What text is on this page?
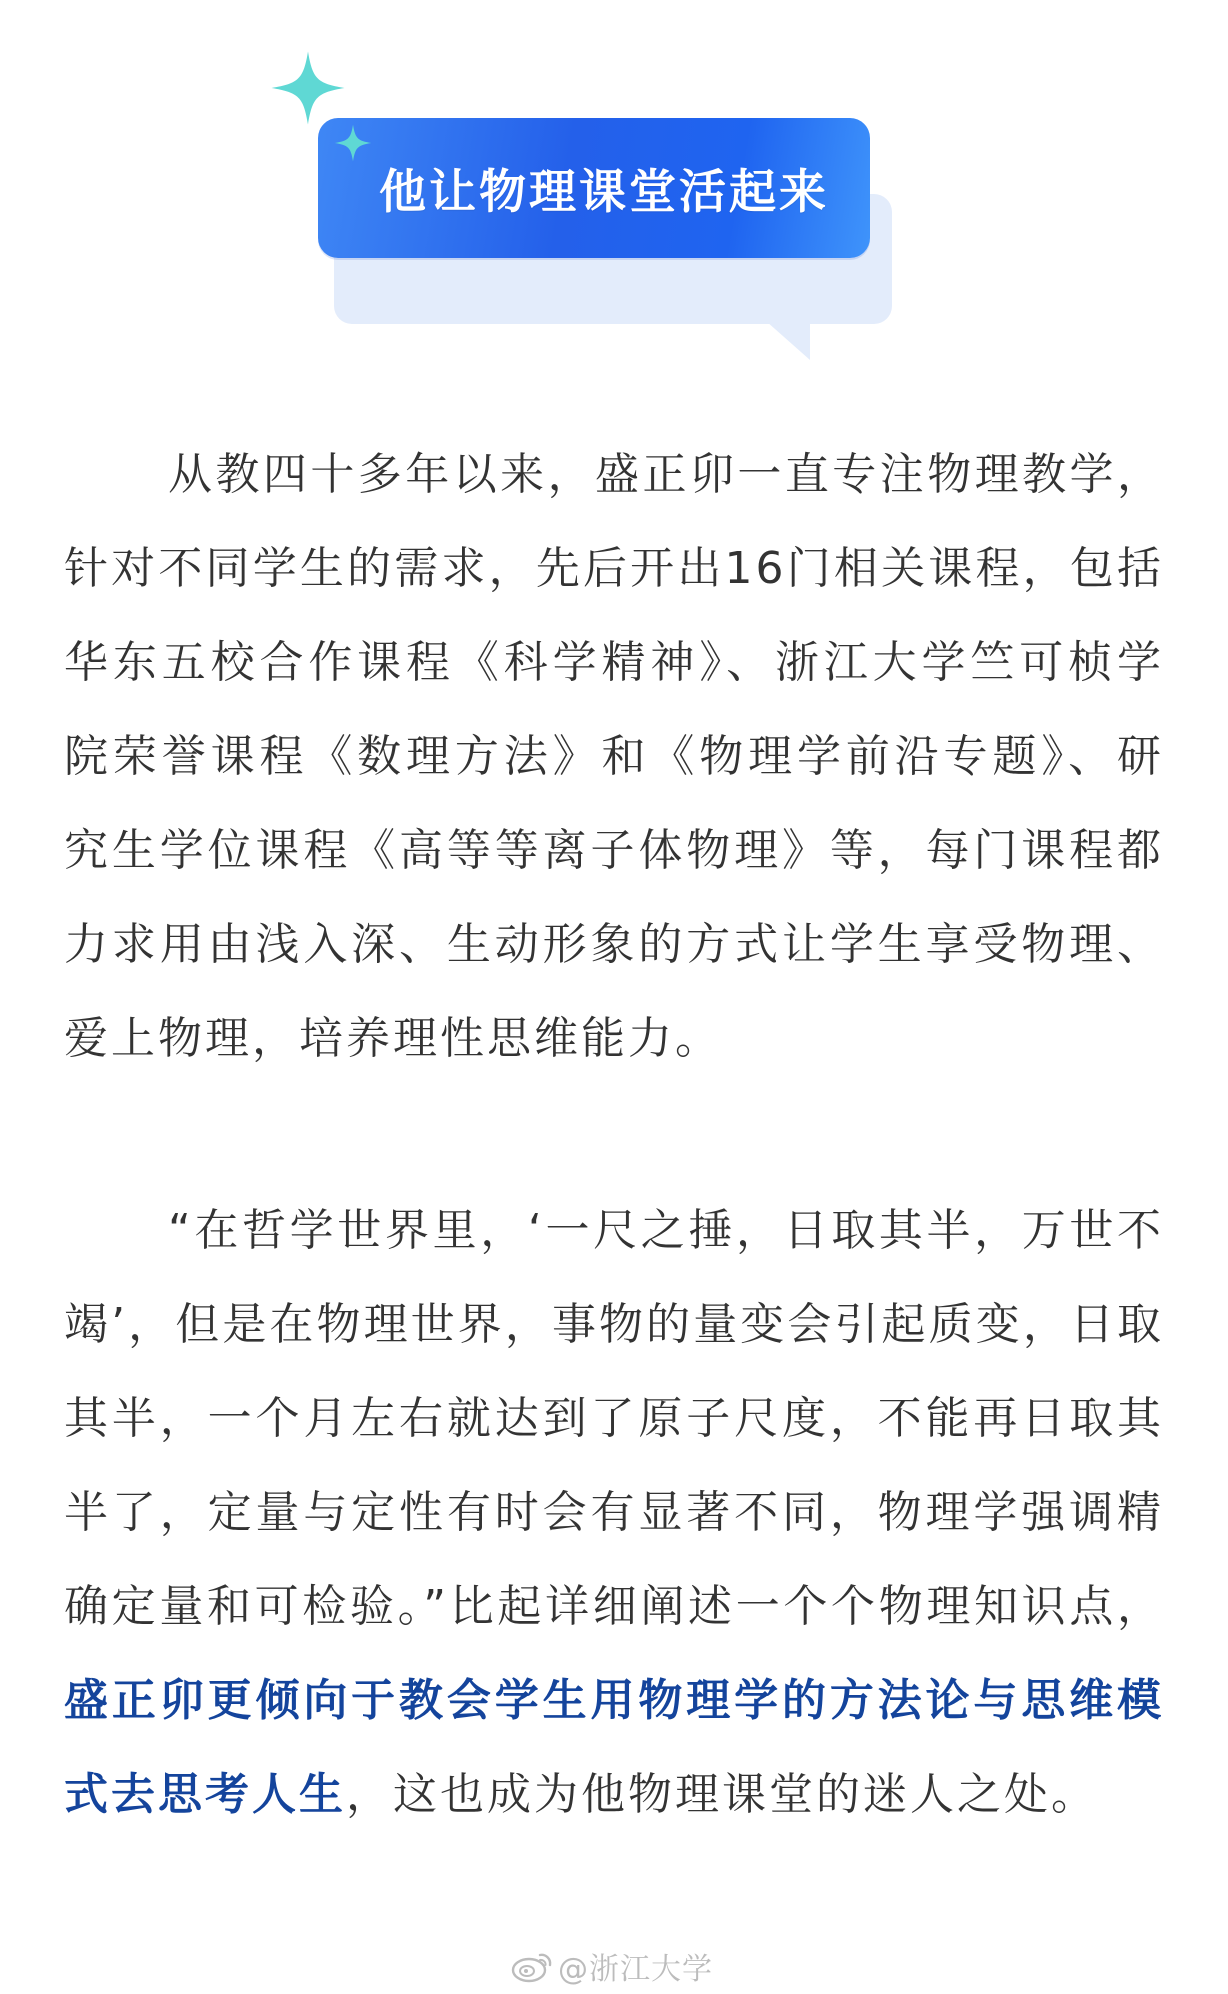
他让物理课堂活起来

从教四十多年以来，盛正卯一直专注物理教学，针对不同学生的需求，先后开出16门相关课程，包括华东五校合作课程《科学精神》、浙江大学竺可桢学院荣誉课程《数理方法》和《物理学前沿专题》、研究生学位课程《高等等离子体物理》等，每门课程都力求用由浅入深、生动形象的方式让学生享受物理、爱上物理，培养理性思维能力。

“在哲学世界里，‘一尺之捶，日取其半，万世不竭’，但是在物理世界，事物的量变会引起质变，日取其半，一个月左右就达到了原子尺度，不能再日取其半了，定量与定性有时会有显著不同，物理学强调精确定量和可检验。”比起详细阐述一个个物理知识点，盛正卯更倾向于教会学生用物理学的方法论与思维模式去思考人生，这也成为他物理课堂的迷人之处。

@浙江大学
